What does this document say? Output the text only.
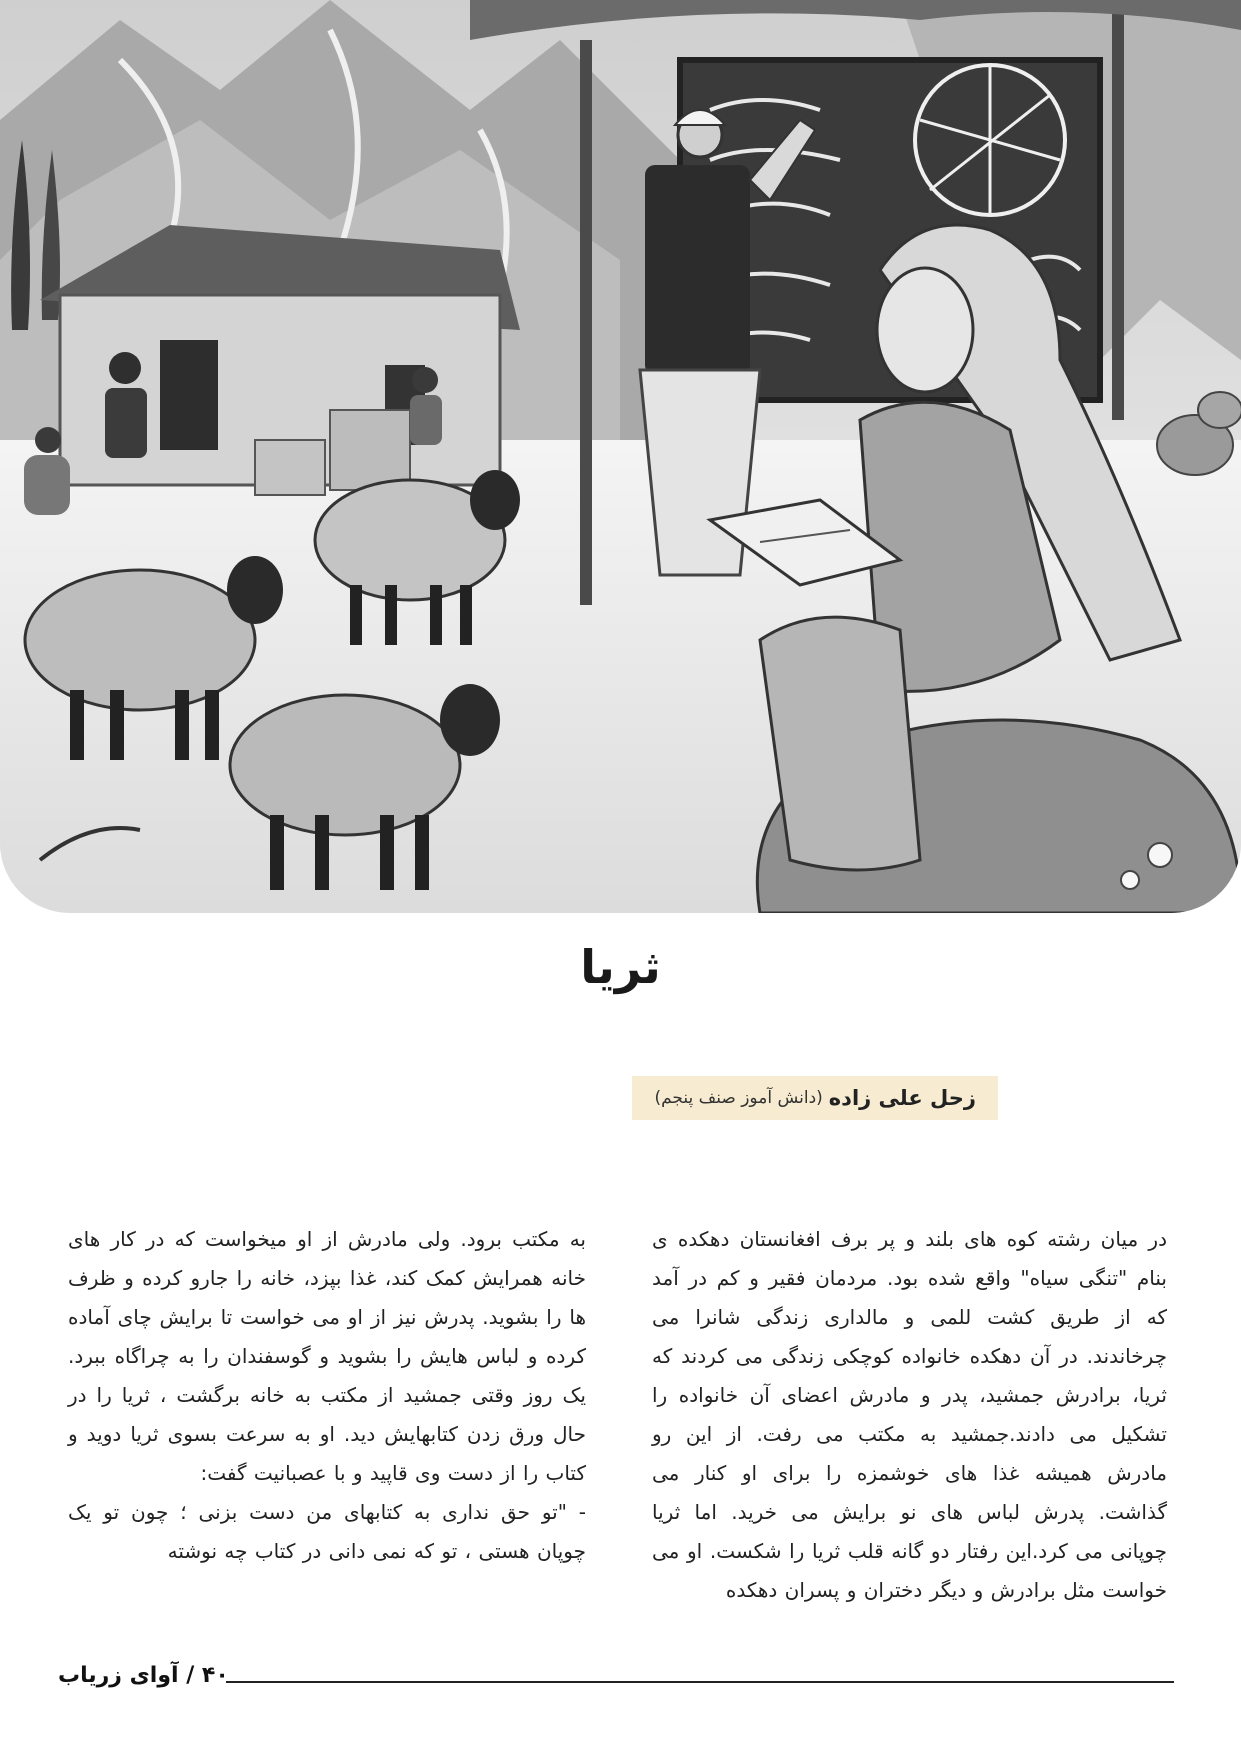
ثریا
زحل علی زاده
(دانش آموز صنف پنجم)

در میان رشته کوه های بلند و پر برف افغانستان دهکده ی بنام "تنگی سیاه" واقع شده بود. مردمان فقیر و کم در آمد که از طریق کشت للمی و مالداری زندگی شانرا می چرخاندند. در آن دهکده خانواده کوچکی زندگی می کردند که ثریا، برادرش جمشید، پدر و مادرش اعضای آن خانواده را تشکیل می دادند.جمشید به مکتب می رفت. از این رو مادرش همیشه غذا های خوشمزه را برای او کنار می گذاشت. پدرش لباس های نو برایش می خرید. اما ثریا چوپانی می کرد.این رفتار دو گانه قلب ثریا را شکست. او می خواست مثل برادرش و دیگر دختران و پسران دهکده

به مکتب برود. ولی مادرش از او میخواست که در کار های خانه همرایش کمک کند، غذا بپزد، خانه را جارو کرده و ظرف ها را بشوید. پدرش نیز از او می خواست تا برایش چای آماده کرده و لباس هایش را بشوید و گوسفندان را به چراگاه ببرد. یک روز وقتی جمشید از مکتب به خانه برگشت ، ثریا را در حال ورق زدن کتابهایش دید. او به سرعت بسوی ثریا دوید و کتاب را از دست وی قاپید و با عصبانیت گفت:

- "تو حق نداری به کتابهای من دست بزنی ؛ چون تو یک چوپان هستی ، تو که نمی دانی در کتاب چه نوشته

۴۰ / آوای زریاب
